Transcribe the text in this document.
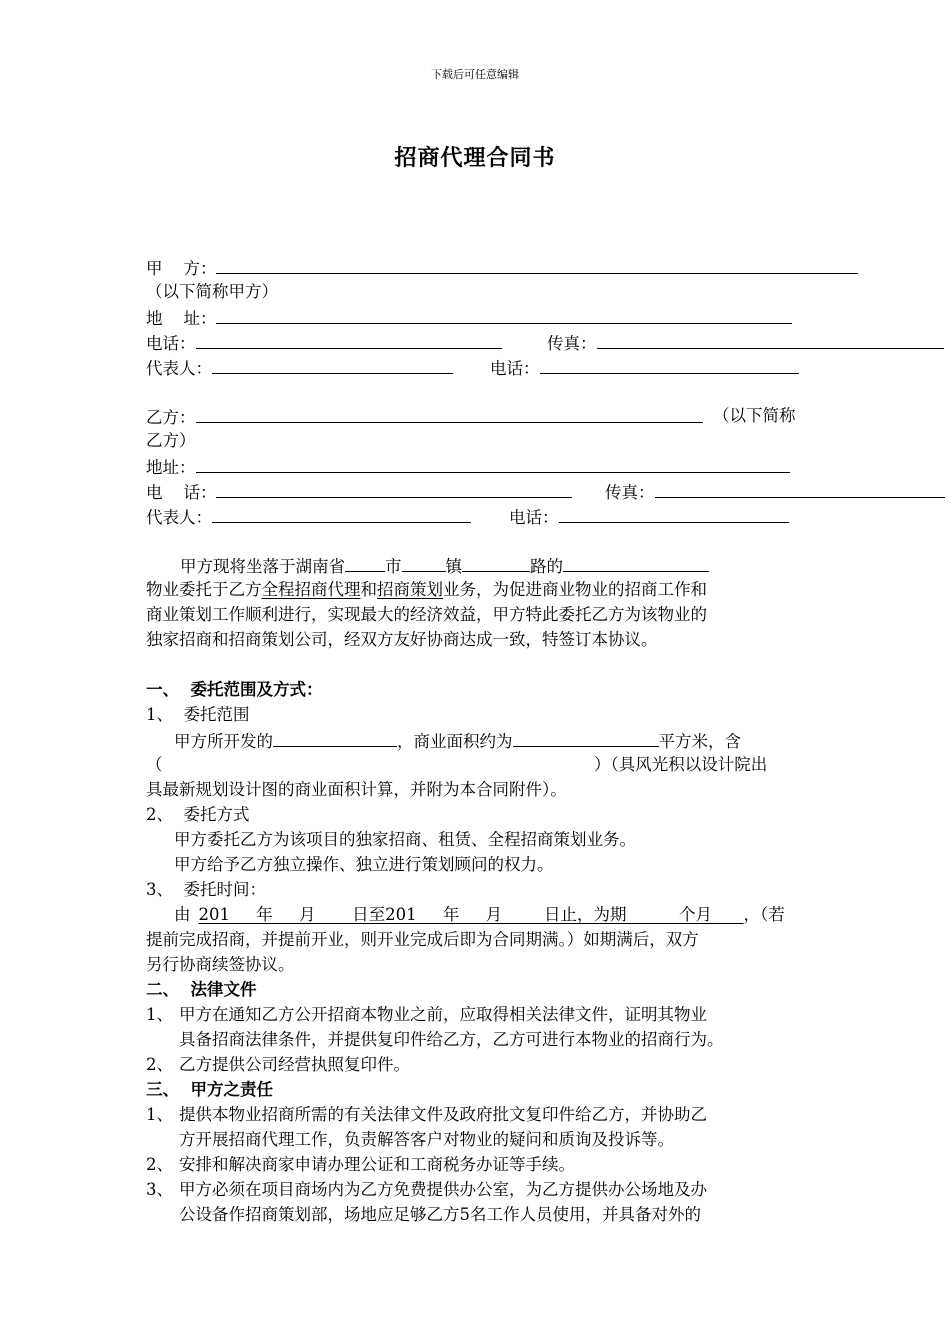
下载后可任意编辑
招商代理合同书
甲    方：
（以下简称甲方）
地    址：
电话：	传真：
代表人：	电话：
乙方：	（以下简称
乙方）
地址：
电    话：	传真：
代表人：	电话：
甲方现将坐落于湖南省 市	镇	路的
物业委托于乙方全程招商代理和招商策划业务，为促进商业物业的招商工作和
商业策划工作顺利进行，实现最大的经济效益，甲方特此委托乙方为该物业的
独家招商和招商策划公司，经双方友好协商达成一致，特签订本协议。
一、  委托范围及方式：
1、  委托范围
甲方所开发的	，商业面积约为	平方米，含
（	）（具风光积以设计院出
具最新规划设计图的商业面积计算，并附为本合同附件）。
2、  委托方式
甲方委托乙方为该项目的独家招商、租赁、全程招商策划业务。
甲方给予乙方独立操作、独立进行策划顾问的权力。
3、  委托时间：
由 201     年     月       日至201     年     月        日止，为期          个月 ，（若
提前完成招商，并提前开业，则开业完成后即为合同期满。）如期满后，双方
另行协商续签协议。
二、  法律文件
1、 甲方在通知乙方公开招商本物业之前，应取得相关法律文件，证明其物业
具备招商法律条件，并提供复印件给乙方，乙方可进行本物业的招商行为。
2、 乙方提供公司经营执照复印件。
三、  甲方之责任
1、 提供本物业招商所需的有关法律文件及政府批文复印件给乙方，并协助乙
方开展招商代理工作，负责解答客户对物业的疑问和质询及投诉等。
2、 安排和解决商家申请办理公证和工商税务办证等手续。
3、 甲方必须在项目商场内为乙方免费提供办公室，为乙方提供办公场地及办
公设备作招商策划部，场地应足够乙方5名工作人员使用，并具备对外的
